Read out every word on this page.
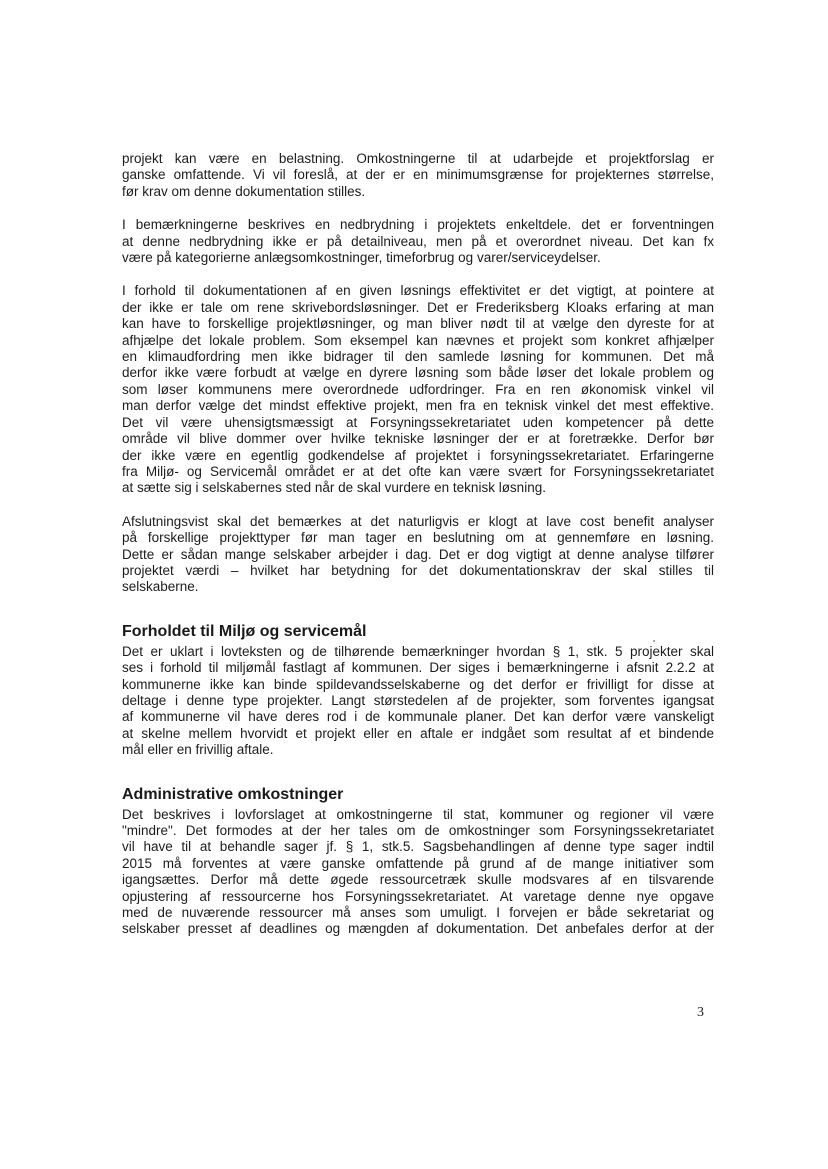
projekt kan være en belastning. Omkostningerne til at udarbejde et projektforslag er
ganske omfattende. Vi vil foreslå, at der er en minimumsgrænse for projekternes størrelse,
før krav om denne dokumentation stilles.
I bemærkningerne beskrives en nedbrydning i projektets enkeltdele. det er forventningen
at denne nedbrydning ikke er på detailniveau, men på et overordnet niveau. Det kan fx
være på kategorierne anlægsomkostninger, timeforbrug og varer/serviceydelser.
I forhold til dokumentationen af en given løsnings effektivitet er det vigtigt, at pointere at
der ikke er tale om rene skrivebordsløsninger. Det er Frederiksberg Kloaks erfaring at man
kan have to forskellige projektløsninger, og man bliver nødt til at vælge den dyreste for at
afhjælpe det lokale problem. Som eksempel kan nævnes et projekt som konkret afhjælper
en klimaudfordring men ikke bidrager til den samlede løsning for kommunen. Det må
derfor ikke være forbudt at vælge en dyrere løsning som både løser det lokale problem og
som løser kommunens mere overordnede udfordringer. Fra en ren økonomisk vinkel vil
man derfor vælge det mindst effektive projekt, men fra en teknisk vinkel det mest effektive.
Det vil være uhensigtsmæssigt at Forsyningssekretariatet uden kompetencer på dette
område vil blive dommer over hvilke tekniske løsninger der er at foretrække. Derfor bør
der ikke være en egentlig godkendelse af projektet i forsyningssekretariatet. Erfaringerne
fra Miljø- og Servicemål området er at det ofte kan være svært for Forsyningssekretariatet
at sætte sig i selskabernes sted når de skal vurdere en teknisk løsning.
Afslutningsvist skal det bemærkes at det naturligvis er klogt at lave cost benefit analyser
på forskellige projekttyper før man tager en beslutning om at gennemføre en løsning.
Dette er sådan mange selskaber arbejder i dag. Det er dog vigtigt at denne analyse tilfører
projektet værdi – hvilket har betydning for det dokumentationskrav der skal stilles til
selskaberne.
Forholdet til Miljø og servicemål
Det er uklart i lovteksten og de tilhørende bemærkninger hvordan § 1, stk. 5 projekter skal
ses i forhold til miljømål fastlagt af kommunen. Der siges i bemærkningerne i afsnit 2.2.2 at
kommunerne ikke kan binde spildevandsselskaberne og det derfor er frivilligt for disse at
deltage i denne type projekter. Langt størstedelen af de projekter, som forventes igangsat
af kommunerne vil have deres rod i de kommunale planer. Det kan derfor være vanskeligt
at skelne mellem hvorvidt et projekt eller en aftale er indgået som resultat af et bindende
mål eller en frivillig aftale.
Administrative omkostninger
Det beskrives i lovforslaget at omkostningerne til stat, kommuner og regioner vil være
"mindre". Det formodes at der her tales om de omkostninger som Forsyningssekretariatet
vil have til at behandle sager jf. § 1, stk.5. Sagsbehandlingen af denne type sager indtil
2015 må forventes at være ganske omfattende på grund af de mange initiativer som
igangsættes. Derfor må dette øgede ressourcetræk skulle modsvares af en tilsvarende
opjustering af ressourcerne hos Forsyningssekretariatet. At varetage denne nye opgave
med de nuværende ressourcer må anses som umuligt. I forvejen er både sekretariat og
selskaber presset af deadlines og mængden af dokumentation. Det anbefales derfor at der
3
